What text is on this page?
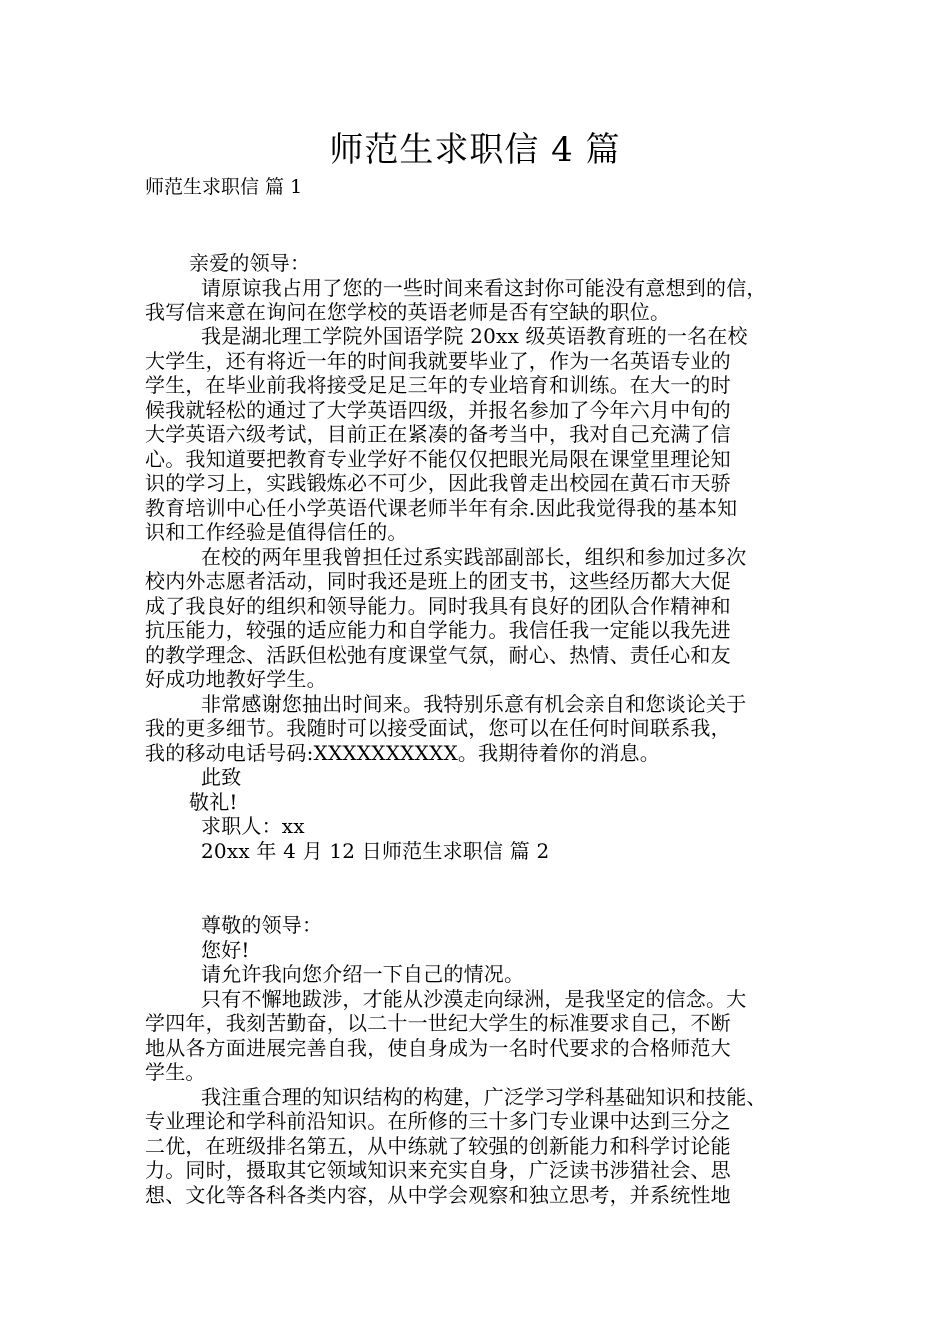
师范生求职信 4 篇
师范生求职信 篇 1
亲爱的领导：
请原谅我占用了您的一些时间来看这封你可能没有意想到的信，
我写信来意在询问在您学校的英语老师是否有空缺的职位。
我是湖北理工学院外国语学院 20xx 级英语教育班的一名在校
大学生，还有将近一年的时间我就要毕业了，作为一名英语专业的
学生，在毕业前我将接受足足三年的专业培育和训练。在大一的时
候我就轻松的通过了大学英语四级，并报名参加了今年六月中旬的
大学英语六级考试，目前正在紧凑的备考当中，我对自己充满了信
心。我知道要把教育专业学好不能仅仅把眼光局限在课堂里理论知
识的学习上，实践锻炼必不可少，因此我曾走出校园在黄石市天骄
教育培训中心任小学英语代课老师半年有余.因此我觉得我的基本知
识和工作经验是值得信任的。
在校的两年里我曾担任过系实践部副部长，组织和参加过多次
校内外志愿者活动，同时我还是班上的团支书，这些经历都大大促
成了我良好的组织和领导能力。同时我具有良好的团队合作精神和
抗压能力，较强的适应能力和自学能力。我信任我一定能以我先进
的教学理念、活跃但松弛有度课堂气氛，耐心、热情、责任心和友
好成功地教好学生。
非常感谢您抽出时间来。我特别乐意有机会亲自和您谈论关于
我的更多细节。我随时可以接受面试，您可以在任何时间联系我，
我的移动电话号码:XXXXXXXXXX。我期待着你的消息。
此致
敬礼!
求职人：xx
20xx 年 4 月 12 日师范生求职信 篇 2
尊敬的领导：
您好!
请允许我向您介绍一下自己的情况。
只有不懈地跋涉，才能从沙漠走向绿洲，是我坚定的信念。大
学四年，我刻苦勤奋，以二十一世纪大学生的标准要求自己，不断
地从各方面进展完善自我，使自身成为一名时代要求的合格师范大
学生。
我注重合理的知识结构的构建，广泛学习学科基础知识和技能、
专业理论和学科前沿知识。在所修的三十多门专业课中达到三分之
二优，在班级排名第五，从中练就了较强的创新能力和科学讨论能
力。同时，摄取其它领域知识来充实自身，广泛读书涉猎社会、思
想、文化等各科各类内容，从中学会观察和独立思考，并系统性地
